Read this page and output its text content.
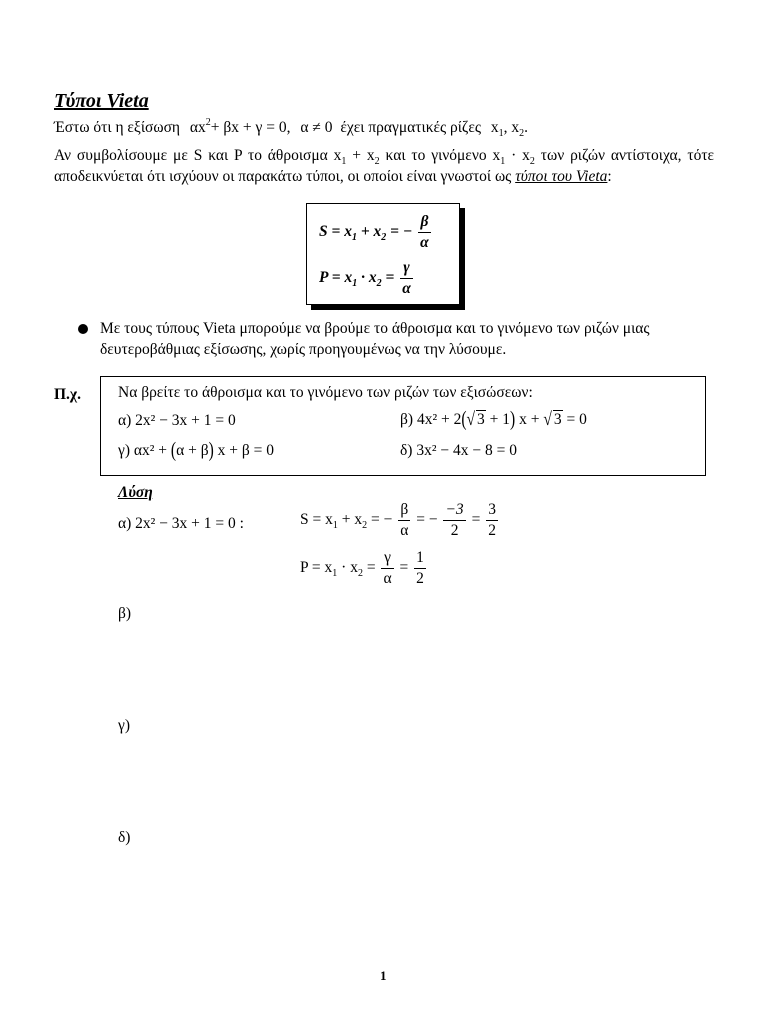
Τύποι Vieta
Έστω ότι η εξίσωση $\alpha x^2+ \beta x + \gamma = 0$, α ≠ 0 έχει πραγματικές ρίζες $x_1$, $x_2$.
Αν συμβολίσουμε με S και P το άθροισμα $x_1 + x_2$ και το γινόμενο $x_1 \cdot x_2$ των ριζών αντίστοιχα, τότε αποδεικνύεται ότι ισχύουν οι παρακάτω τύποι, οι οποίοι είναι γνωστοί ως τύποι του Vieta:
$S = x_1 + x_2$ = − $\frac{\beta}{\alpha}$
$P = x_1 \cdot x_2 = \frac{\gamma}{\alpha}$
Με τους τύπους Vieta μπορούμε να βρούμε το άθροισμα και το γινόμενο των ριζών μιας δευτεροβάθμιας εξίσωσης, χωρίς προηγουμένως να την λύσουμε.
Π.χ. Να βρείτε το άθροισμα και το γινόμενο των ριζών των εξισώσεων:
α) 2x² − 3x + 1 = 0	β) 4x² + 2(√ 3 + 1) x + √ 3 = 0
γ) αx² + (α + β) x + β = 0	δ) 3x² − 4x − 8 = 0
Λύση
α) 2x² − 3x + 1 = 0 :	$S = x_1 + x_2$ = − $\frac{\beta}{\alpha}$ = − $\frac{-3}{2} = \frac{3}{2}$
$P = x_1 \cdot x_2 = \frac{\gamma}{\alpha} = \frac{1}{2}$
β)
γ)
δ)
1
